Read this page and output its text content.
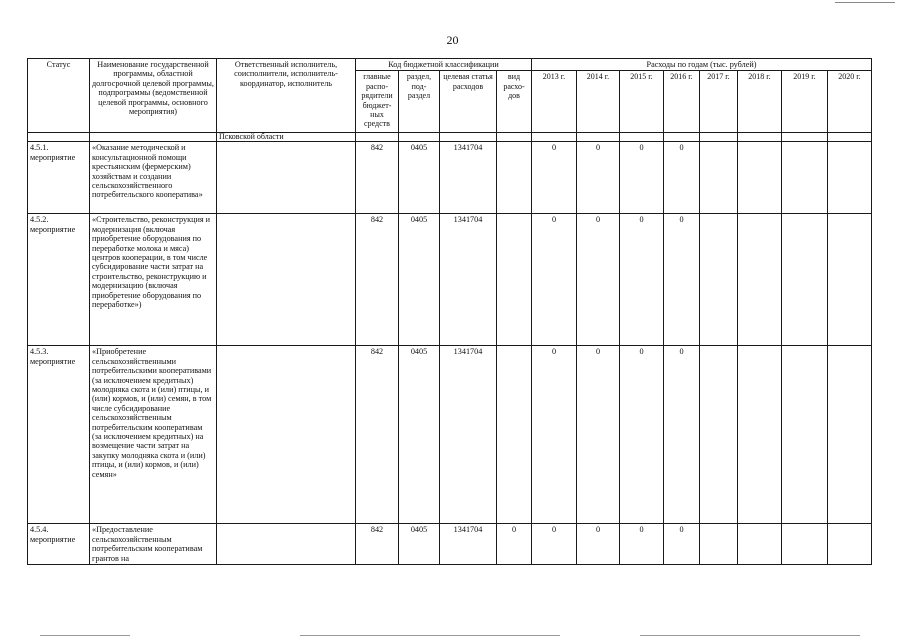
20
Статус	Наименование государственной программы, областной долгосрочной целевой программы, подпрограммы (ведомственной целевой программы, основного мероприятия)	Ответственный исполнитель, соисполнители, исполнитель-координатор, исполнитель	Код бюджетной классификации				Расходы по годам (тыс. рублей)							
			главные распо-рядители бюджет-ных средств	раздел, под-раздел	целевая статья расходов	вид расхо-дов	2013 г.	2014 г.	2015 г.	2016 г.	2017 г.	2018 г.	2019 г.	2020 г.
		Псковской области												

4.5.1.
мероприятие	«Оказание методической и консультационной помощи крестьянским (фермерским) хозяйствам и создании сельскохозяйственного потребительского кооператива»		842	0405	1341704		0	0	0	0				

4.5.2.
мероприятие	«Строительство, реконструкция и модернизация (включая приобретение оборудования по переработке молока и мяса) центров кооперации, в том числе субсидирование части затрат на строительство, реконструкцию и модернизацию (включая приобретение оборудования по переработке»)		842	0405	1341704		0	0	0	0				

4.5.3.
мероприятие	«Приобретение сельскохозяйственными потребительскими кооперативами (за исключением кредитных) молодняка скота и (или) птицы, и (или) кормов, и (или) семян, в том числе субсидирование сельскохозяйственным потребительским кооперативам (за исключением кредитных) на возмещение части затрат на закупку молодняка скота и (или) птицы, и (или) кормов, и (или) семян»		842	0405	1341704		0	0	0	0				

4.5.4.
мероприятие	«Предоставление сельскохозяйственным потребительским кооперативам грантов на		842	0405	1341704	0	0	0	0	0				
